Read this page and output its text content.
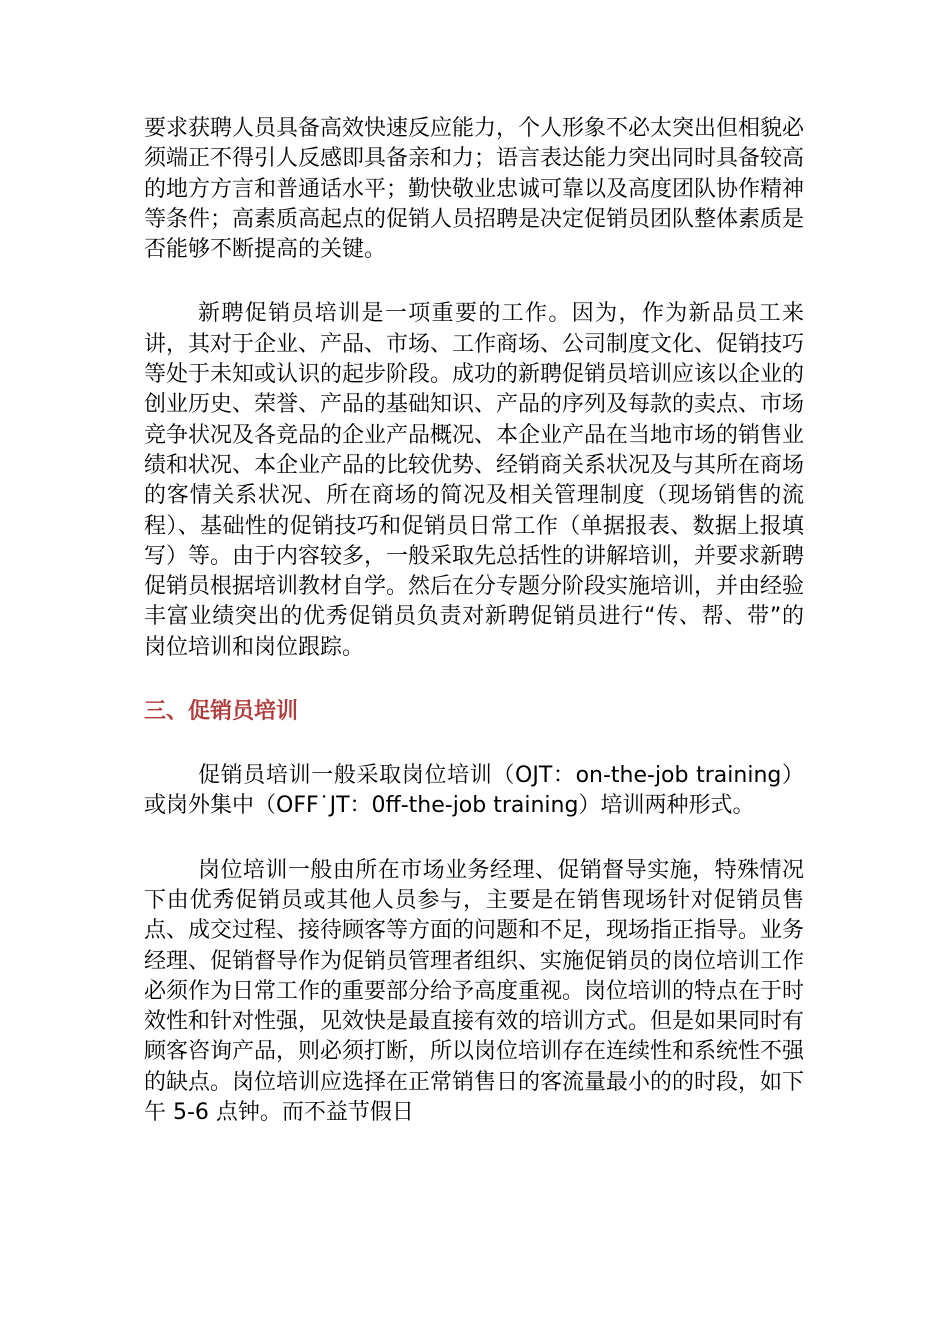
要求获聘人员具备高效快速反应能力，个人形象不必太突出但相貌必须端正不得引人反感即具备亲和力；语言表达能力突出同时具备较高的地方方言和普通话水平；勤快敬业忠诚可靠以及高度团队协作精神等条件；高素质高起点的促销人员招聘是决定促销员团队整体素质是否能够不断提高的关键。

新聘促销员培训是一项重要的工作。因为，作为新品员工来讲，其对于企业、产品、市场、工作商场、公司制度文化、促销技巧等处于未知或认识的起步阶段。成功的新聘促销员培训应该以企业的创业历史、荣誉、产品的基础知识、产品的序列及每款的卖点、市场竞争状况及各竞品的企业产品概况、本企业产品在当地市场的销售业绩和状况、本企业产品的比较优势、经销商关系状况及与其所在商场的客情关系状况、所在商场的简况及相关管理制度（现场销售的流程）、基础性的促销技巧和促销员日常工作（单据报表、数据上报填写）等。由于内容较多，一般采取先总括性的讲解培训，并要求新聘促销员根据培训教材自学。然后在分专题分阶段实施培训，并由经验丰富业绩突出的优秀促销员负责对新聘促销员进行“传、帮、带”的岗位培训和岗位跟踪。

三、促销员培训

促销员培训一般采取岗位培训（OJT：on-the-job training）或岗外集中（OFF˙JT：0ff-the-job training）培训两种形式。

岗位培训一般由所在市场业务经理、促销督导实施，特殊情况下由优秀促销员或其他人员参与，主要是在销售现场针对促销员售点、成交过程、接待顾客等方面的问题和不足，现场指正指导。业务经理、促销督导作为促销员管理者组织、实施促销员的岗位培训工作必须作为日常工作的重要部分给予高度重视。岗位培训的特点在于时效性和针对性强，见效快是最直接有效的培训方式。但是如果同时有顾客咨询产品，则必须打断，所以岗位培训存在连续性和系统性不强的缺点。岗位培训应选择在正常销售日的客流量最小的的时段，如下午 5-6 点钟。而不益节假日
